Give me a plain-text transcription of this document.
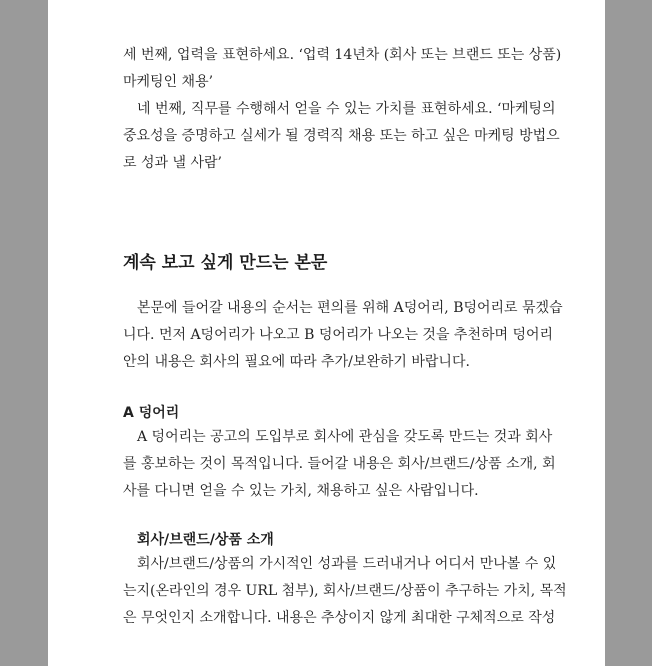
세 번째, 업력을 표현하세요. ‘업력 14년차 (회사 또는 브랜드 또는 상품)
마케팅인 채용’
네 번째, 직무를 수행해서 얻을 수 있는 가치를 표현하세요. ‘마케팅의
중요성을 증명하고 실세가 될 경력직 채용 또는 하고 싶은 마케팅 방법으
로 성과 낼 사람’
계속 보고 싶게 만드는 본문
본문에 들어갈 내용의 순서는 편의를 위해 A덩어리, B덩어리로 묶겠습
니다. 먼저 A덩어리가 나오고 B 덩어리가 나오는 것을 추천하며 덩어리
안의 내용은 회사의 필요에 따라 추가/보완하기 바랍니다.
A 덩어리
A 덩어리는 공고의 도입부로 회사에 관심을 갖도록 만드는 것과 회사
를 홍보하는 것이 목적입니다. 들어갈 내용은 회사/브랜드/상품 소개, 회
사를 다니면 얻을 수 있는 가치, 채용하고 싶은 사람입니다.
회사/브랜드/상품 소개
회사/브랜드/상품의 가시적인 성과를 드러내거나 어디서 만나볼 수 있
는지(온라인의 경우 URL 첨부), 회사/브랜드/상품이 추구하는 가치, 목적
은 무엇인지 소개합니다. 내용은 추상이지 않게 최대한 구체적으로 작성
